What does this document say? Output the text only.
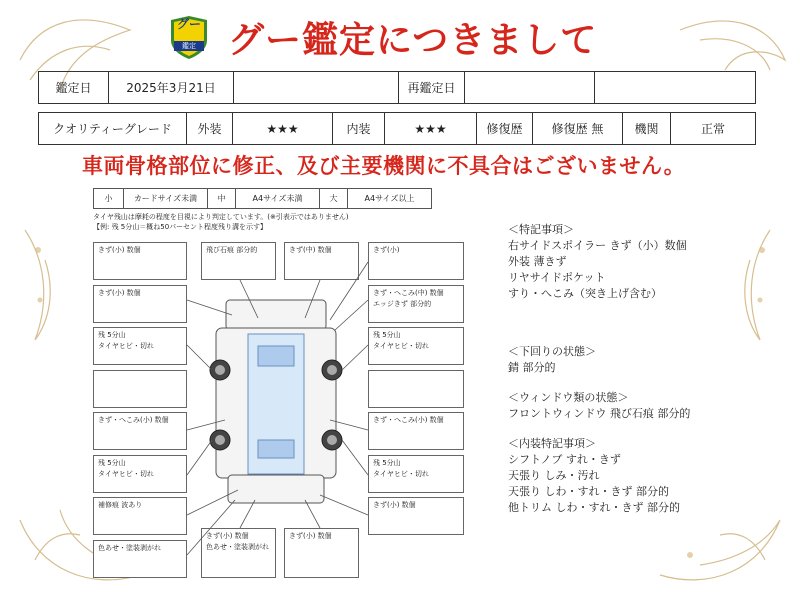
グー
鑑定 グー鑑定につきまして
鑑定日	2025年3月21日		再鑑定日		
クオリティーグレード	外装	★★★	内装	★★★	修復歴	修復歴 無	機関	正常
車両骨格部位に修正、及び主要機関に不具合はございません。
小	カードサイズ未満	中	A4サイズ未満	大	A4サイズ以上
タイヤ残山は摩耗の程度を目視により判定しています。(※引表示ではありません)
【例: 残 5分山＝概ね50パーセント程度残り溝を示す】
きず(小) 数個	飛び石痕 部分的	きず(中) 数個	きず(小)
きず(小) 数個	きず・へこみ(中) 数個
エッジきず 部分的
残 5分山
タイヤヒビ・切れ
残 5分山
タイヤヒビ・切れ
きず・へこみ(小) 数個	きず・へこみ(小) 数個
残 5分山
タイヤヒビ・切れ
残 5分山
タイヤヒビ・切れ
補修痕 波あり	きず(小) 数個
色あせ・塗装剥がれ
きず(小) 数個
色あせ・塗装剥がれ
きず(小) 数個
＜特記事項＞
右サイドスポイラー きず（小）数個
外装 薄きず
リヤサイドポケット
すり・へこみ（突き上げ含む）
＜下回りの状態＞
錆 部分的
＜ウィンドウ類の状態＞
フロントウィンドウ 飛び石痕 部分的
＜内装特記事項＞
シフトノブ すれ・きず
天張り しみ・汚れ
天張り しわ・すれ・きず 部分的
他トリム しわ・すれ・きず 部分的
